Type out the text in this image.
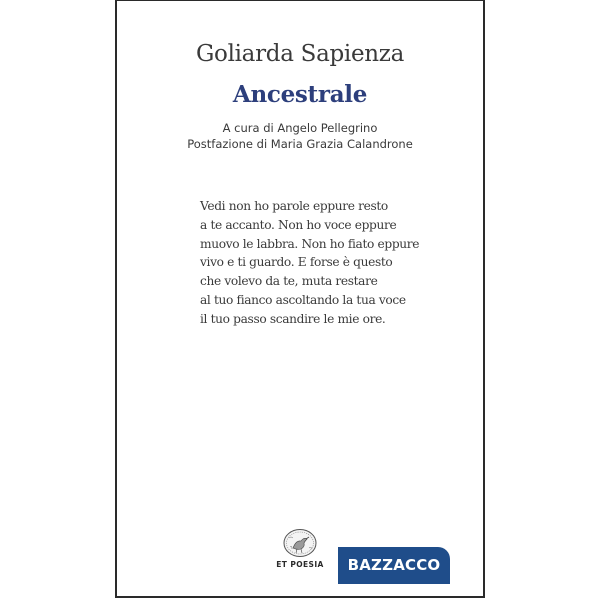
Goliarda Sapienza
Ancestrale
A cura di Angelo Pellegrino
Postfazione di Maria Grazia Calandrone
Vedi non ho parole eppure resto
a te accanto. Non ho voce eppure
muovo le labbra. Non ho fiato eppure
vivo e ti guardo. E forse è questo
che volevo da te, muta restare
al tuo fianco ascoltando la tua voce
il tuo passo scandire le mie ore.
ET POESIA	BAZZACCO
